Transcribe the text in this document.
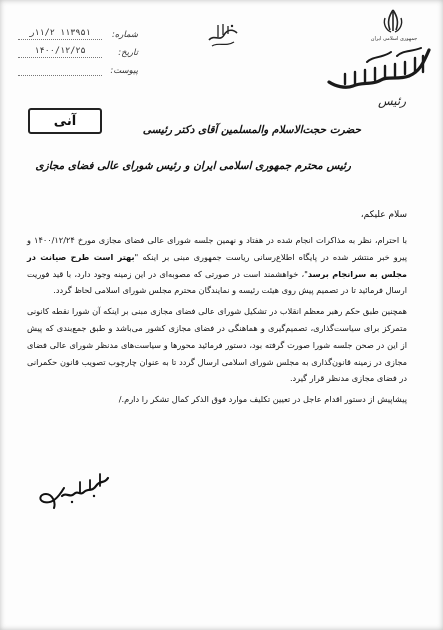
شماره:
۱۱۳۹۵۱ ١١/٢ر
تاریخ:
۱۴۰۰/۱۲/۲۵
پیوست:
آنی
جمهوری اسلامی ایران
رئیس
حضرت حجت‌الاسلام والمسلمین آقای دکتر رئیسی
رئیس محترم جمهوری اسلامی ایران و رئیس شورای عالی فضای مجازی
سلام علیکم،

با احترام، نظر به مذاکرات انجام شده در هفتاد و نهمین جلسه شورای عالی فضای مجازی مورخ ۱۴۰۰/۱۲/۲۴ و پیرو خبر منتشر شده در پایگاه اطلاع‌رسانی ریاست جمهوری مبنی بر اینکه "بهتر است طرح صیانت در مجلس به سرانجام برسد"، خواهشمند است در صورتی که مصوبه‌ای در این زمینه وجود دارد، با قید فوریت ارسال فرمائید تا در تصمیم پیش روی هیئت رئیسه و نمایندگان محترم مجلس شورای اسلامی لحاظ گردد.

همچنین طبق حکم رهبر معظم انقلاب در تشکیل شورای عالی فضای مجازی مبنی بر اینکه آن شورا نقطه کانونی متمرکز برای سیاست‌گذاری، تصمیم‌گیری و هماهنگی در فضای مجازی کشور می‌باشد و طبق جمع‌بندی که پیش از این در صحن جلسه شورا صورت گرفته بود، دستور فرمائید محورها و سیاست‌های مدنظر شورای عالی فضای مجازی در زمینه قانون‌گذاری به مجلس شورای اسلامی ارسال گردد تا به عنوان چارچوب تصویب قانون حکمرانی در فضای مجازی مدنظر قرار گیرد.

پیشاپیش از دستور اقدام عاجل در تعیین تکلیف موارد فوق الذکر کمال تشکر را دارم./
